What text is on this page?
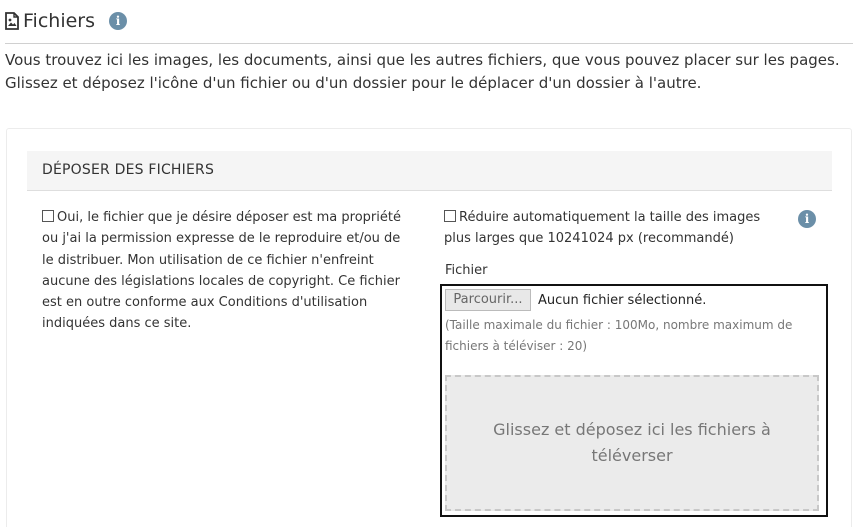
Fichiers	i
Vous trouvez ici les images, les documents, ainsi que les autres fichiers, que vous pouvez placer sur les pages.
Glissez et déposez l'icône d'un fichier ou d'un dossier pour le déplacer d'un dossier à l'autre.
DÉPOSER DES FICHIERS
Oui, le fichier que je désire déposer est ma propriété ou j'ai la permission expresse de le reproduire et/ou de le distribuer. Mon utilisation de ce fichier n'enfreint aucune des législations locales de copyright. Ce fichier est en outre conforme aux Conditions d'utilisation indiquées dans ce site.
Réduire automatiquement la taille des images plus larges que 10241024 px (recommandé)
i
Fichier
Parcourir...	Aucun fichier sélectionné.
(Taille maximale du fichier : 100Mo, nombre maximum de fichiers à téléviser : 20)
Glissez et déposez ici les fichiers à téléverser
